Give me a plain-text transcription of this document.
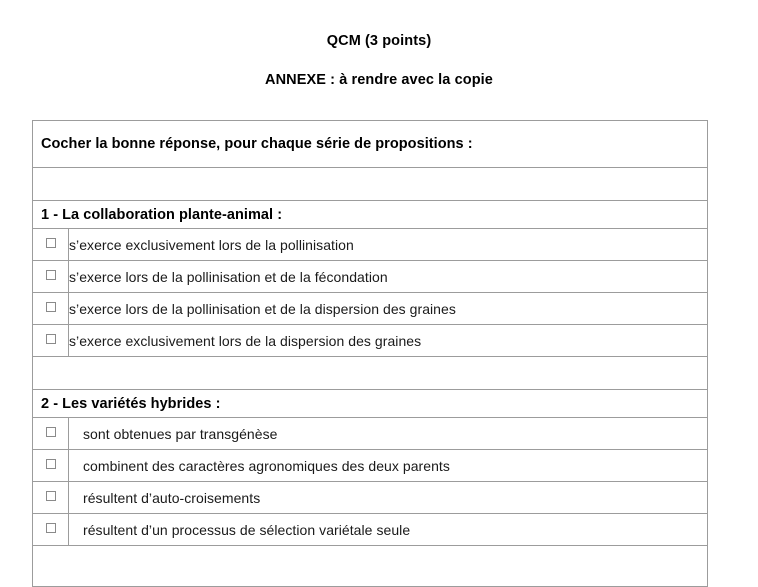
QCM (3 points)
ANNEXE : à rendre avec la copie
Cocher la bonne réponse, pour chaque série de propositions :	

1 - La collaboration plante-animal :	
	s’exerce exclusivement lors de la pollinisation
	s’exerce lors de la pollinisation et de la fécondation
	s’exerce lors de la pollinisation et de la dispersion des graines
	s’exerce exclusivement lors de la dispersion des graines

2 - Les variétés hybrides :	
	sont obtenues par transgénèse
	combinent des caractères agronomiques des deux parents
	résultent d’auto-croisements
	résultent d’un processus de sélection variétale seule
